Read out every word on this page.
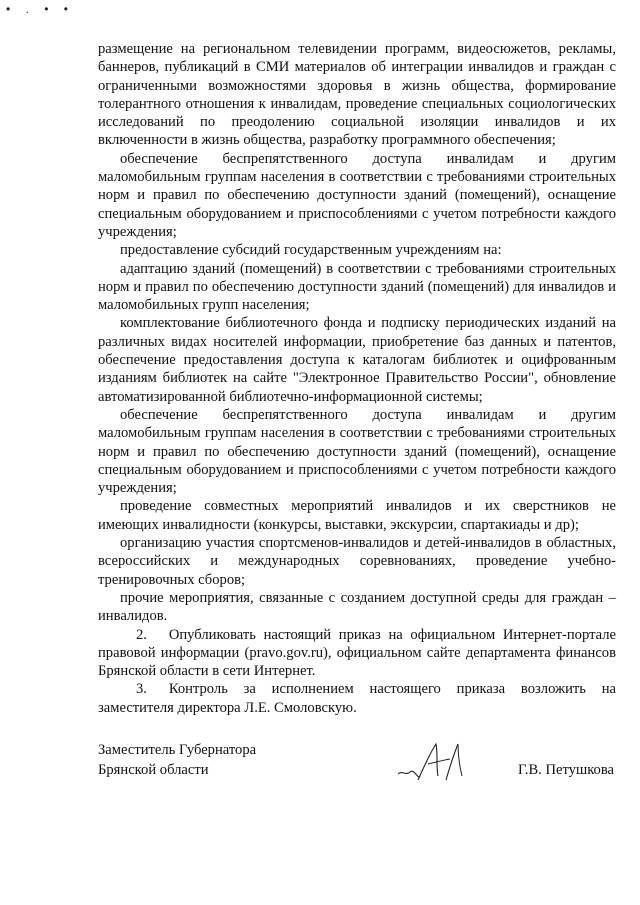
• . • •

размещение на региональном телевидении программ, видеосюжетов, рекламы, баннеров, публикаций в СМИ материалов об интеграции инвалидов и граждан с ограниченными возможностями здоровья в жизнь общества, формирование толерантного отношения к инвалидам, проведение специальных социологических исследований по преодолению социальной изоляции инвалидов и их включенности в жизнь общества, разработку программного обеспечения;

обеспечение беспрепятственного доступа инвалидам и другим маломобильным группам населения в соответствии с требованиями строительных норм и правил по обеспечению доступности зданий (помещений), оснащение специальным оборудованием и приспособлениями с учетом потребности каждого учреждения;

предоставление субсидий государственным учреждениям на:

адаптацию зданий (помещений) в соответствии с требованиями строительных норм и правил по обеспечению доступности зданий (помещений) для инвалидов и маломобильных групп населения;

комплектование библиотечного фонда и подписку периодических изданий на различных видах носителей информации, приобретение баз данных и патентов, обеспечение предоставления доступа к каталогам библиотек и оцифрованным изданиям библиотек на сайте "Электронное Правительство России", обновление автоматизированной библиотечно-информационной системы;

обеспечение беспрепятственного доступа инвалидам и другим маломобильным группам населения в соответствии с требованиями строительных норм и правил по обеспечению доступности зданий (помещений), оснащение специальным оборудованием и приспособлениями с учетом потребности каждого учреждения;

проведение совместных мероприятий инвалидов и их сверстников не имеющих инвалидности (конкурсы, выставки, экскурсии, спартакиады и др);

организацию участия спортсменов-инвалидов и детей-инвалидов в областных, всероссийских и международных соревнованиях, проведение учебно-тренировочных сборов;

прочие мероприятия, связанные с созданием доступной среды для граждан – инвалидов.

2.  Опубликовать настоящий приказ на официальном Интернет-портале правовой информации (pravo.gov.ru), официальном сайте департамента финансов Брянской области в сети Интернет.

3.  Контроль за исполнением настоящего приказа возложить на заместителя директора Л.Е. Смоловскую.

Заместитель Губернатора
Брянской области	Г.В. Петушкова
